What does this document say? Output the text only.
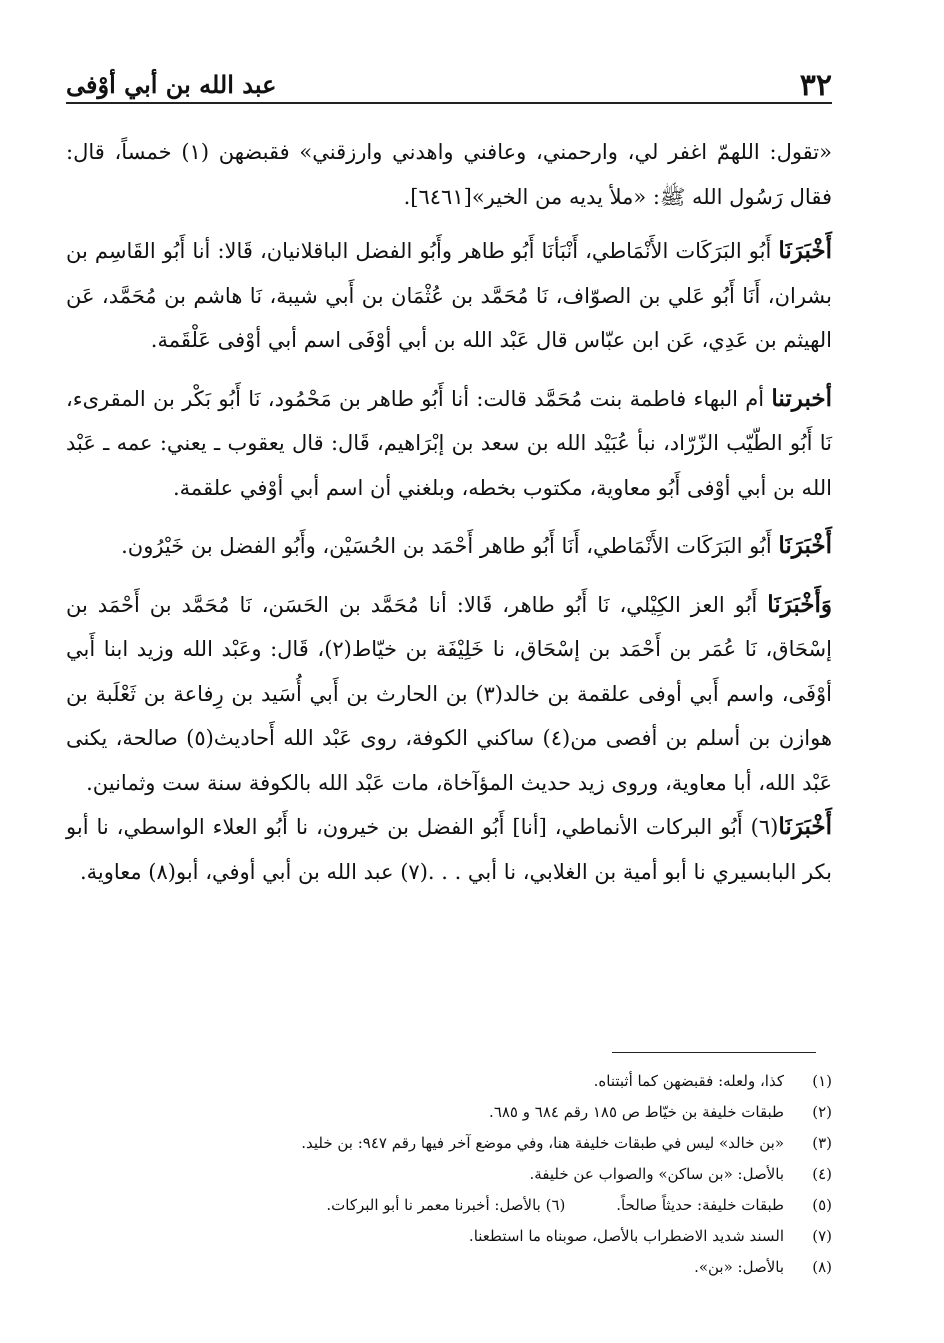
٣٢
عبد الله بن أبي أوْفى

«تقول: اللهمّ اغفر لي، وارحمني، وعافني واهدني وارزقني» فقبضهن (١) خمساً، قال: فقال رَسُول الله ﷺ: «ملأ يديه من الخير»[٦٤٦١].

أَخْبَرَنَا أَبُو البَرَكَات الأَنْمَاطي، أَنْبَأنَا أَبُو طاهر وأَبُو الفضل الباقلانيان، قَالا: أنا أَبُو القَاسِم بن بشران، أَنَا أَبُو عَلي بن الصوّاف، نَا مُحَمَّد بن عُثْمَان بن أَبي شيبة، نَا هاشم بن مُحَمَّد، عَن الهيثم بن عَدِي، عَن ابن عبّاس قال عَبْد الله بن أبي أوْفَى اسم أبي أوْفى عَلْقَمة.

أخبرتنا أم البهاء فاطمة بنت مُحَمَّد قالت: أنا أَبُو طاهر بن مَحْمُود، نَا أَبُو بَكْر بن المقرىء، نَا أَبُو الطّيّب الزّرّاد، نبأ عُبَيْد الله بن سعد بن إبْرَاهيم، قَال: قال يعقوب ـ يعني: عمه ـ عَبْد الله بن أبي أوْفى أَبُو معاوية، مكتوب بخطه، وبلغني أن اسم أبي أوْفي علقمة.

أَخْبَرَنَا أَبُو البَرَكَات الأَنْمَاطي، أَنَا أَبُو طاهر أَحْمَد بن الحُسَيْن، وأَبُو الفضل بن خَيْرُون.

وَأَخْبَرَنَا أَبُو العز الكِيْلي، نَا أَبُو طاهر، قَالا: أنا مُحَمَّد بن الحَسَن، نَا مُحَمَّد بن أَحْمَد بن إسْحَاق، نَا عُمَر بن أَحْمَد بن إسْحَاق، نا خَلِيْفَة بن خيّاط(٢)، قَال: وعَبْد الله وزيد ابنا أَبي أوْفَى، واسم أَبي أوفى علقمة بن خالد(٣) بن الحارث بن أَبي أُسَيد بن رِفاعة بن ثَعْلَبة بن هوازن بن أسلم بن أفصى من(٤) ساكني الكوفة، روى عَبْد الله أَحاديث(٥) صالحة، يكنى عَبْد الله، أبا معاوية، وروى زيد حديث المؤآخاة، مات عَبْد الله بالكوفة سنة ست وثمانين.

أَخْبَرَنَا(٦) أَبُو البركات الأنماطي، [أنا] أَبُو الفضل بن خيرون، نا أَبُو العلاء الواسطي، نا أبو بكر البابسيري نا أبو أمية بن الغلابي، نا أبي . . .(٧) عبد الله بن أبي أوفي، أبو(٨) معاوية.

(١)
كذا، ولعله: فقبضهن كما أثبتناه.
(٢)
طبقات خليفة بن خيّاط ص ١٨٥ رقم ٦٨٤ و ٦٨٥.
(٣)
«بن خالد» ليس في طبقات خليفة هنا، وفي موضع آخر فيها رقم ٩٤٧: بن خليد.
(٤)
بالأصل: «بن ساكن» والصواب عن خليفة.
(٥)
طبقات خليفة: حديثاً صالحاً. (٦) بالأصل: أخبرنا معمر نا أبو البركات.
(٧)
السند شديد الاضطراب بالأصل، صوبناه ما استطعنا.
(٨)
بالأصل: «بن».
